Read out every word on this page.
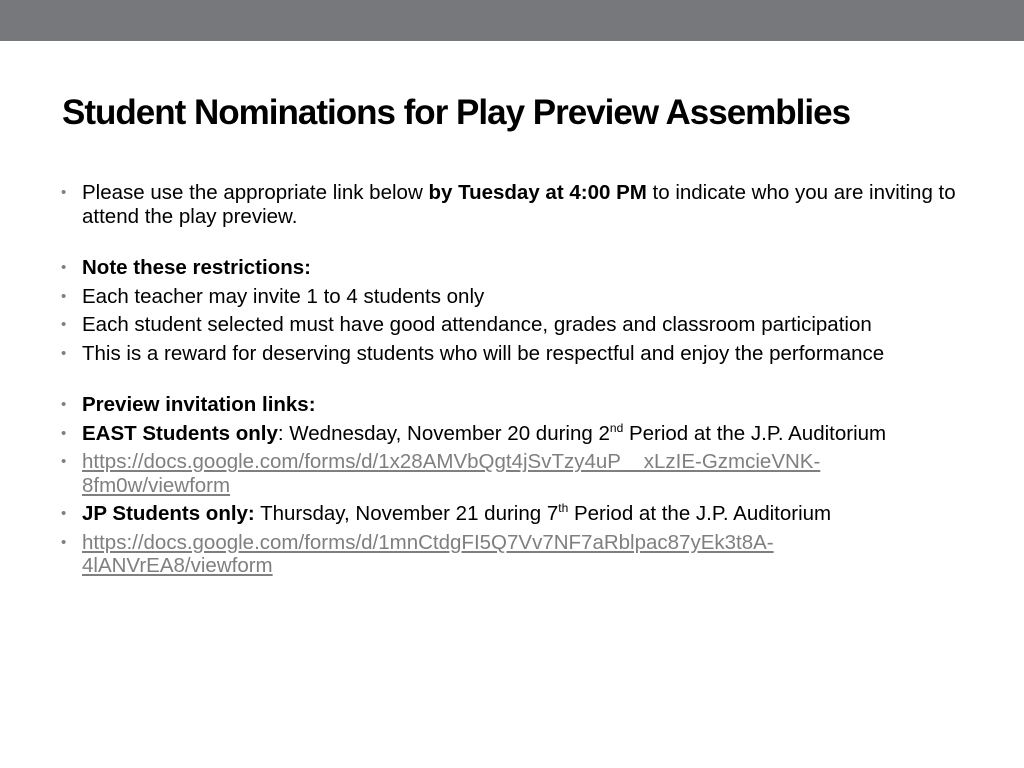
Student Nominations for Play Preview Assemblies
• Please use the appropriate link below by Tuesday at 4:00 PM to indicate who you are inviting to attend the play preview.
• Note these restrictions:
• Each teacher may invite 1 to 4 students only
• Each student selected must have good attendance, grades and classroom participation
• This is a reward for deserving students who will be respectful and enjoy the performance
• Preview invitation links:
• EAST Students only: Wednesday, November 20 during 2nd Period at the J.P. Auditorium
• https://docs.google.com/forms/d/1x28AMVbQgt4jSvTzy4uP__xLzIE-GzmcieVNK-8fm0w/viewform
• JP Students only: Thursday, November 21 during 7th Period at the J.P. Auditorium
• https://docs.google.com/forms/d/1mnCtdgFI5Q7Vv7NF7aRblpac87yEk3t8A-4lANVrEA8/viewform
